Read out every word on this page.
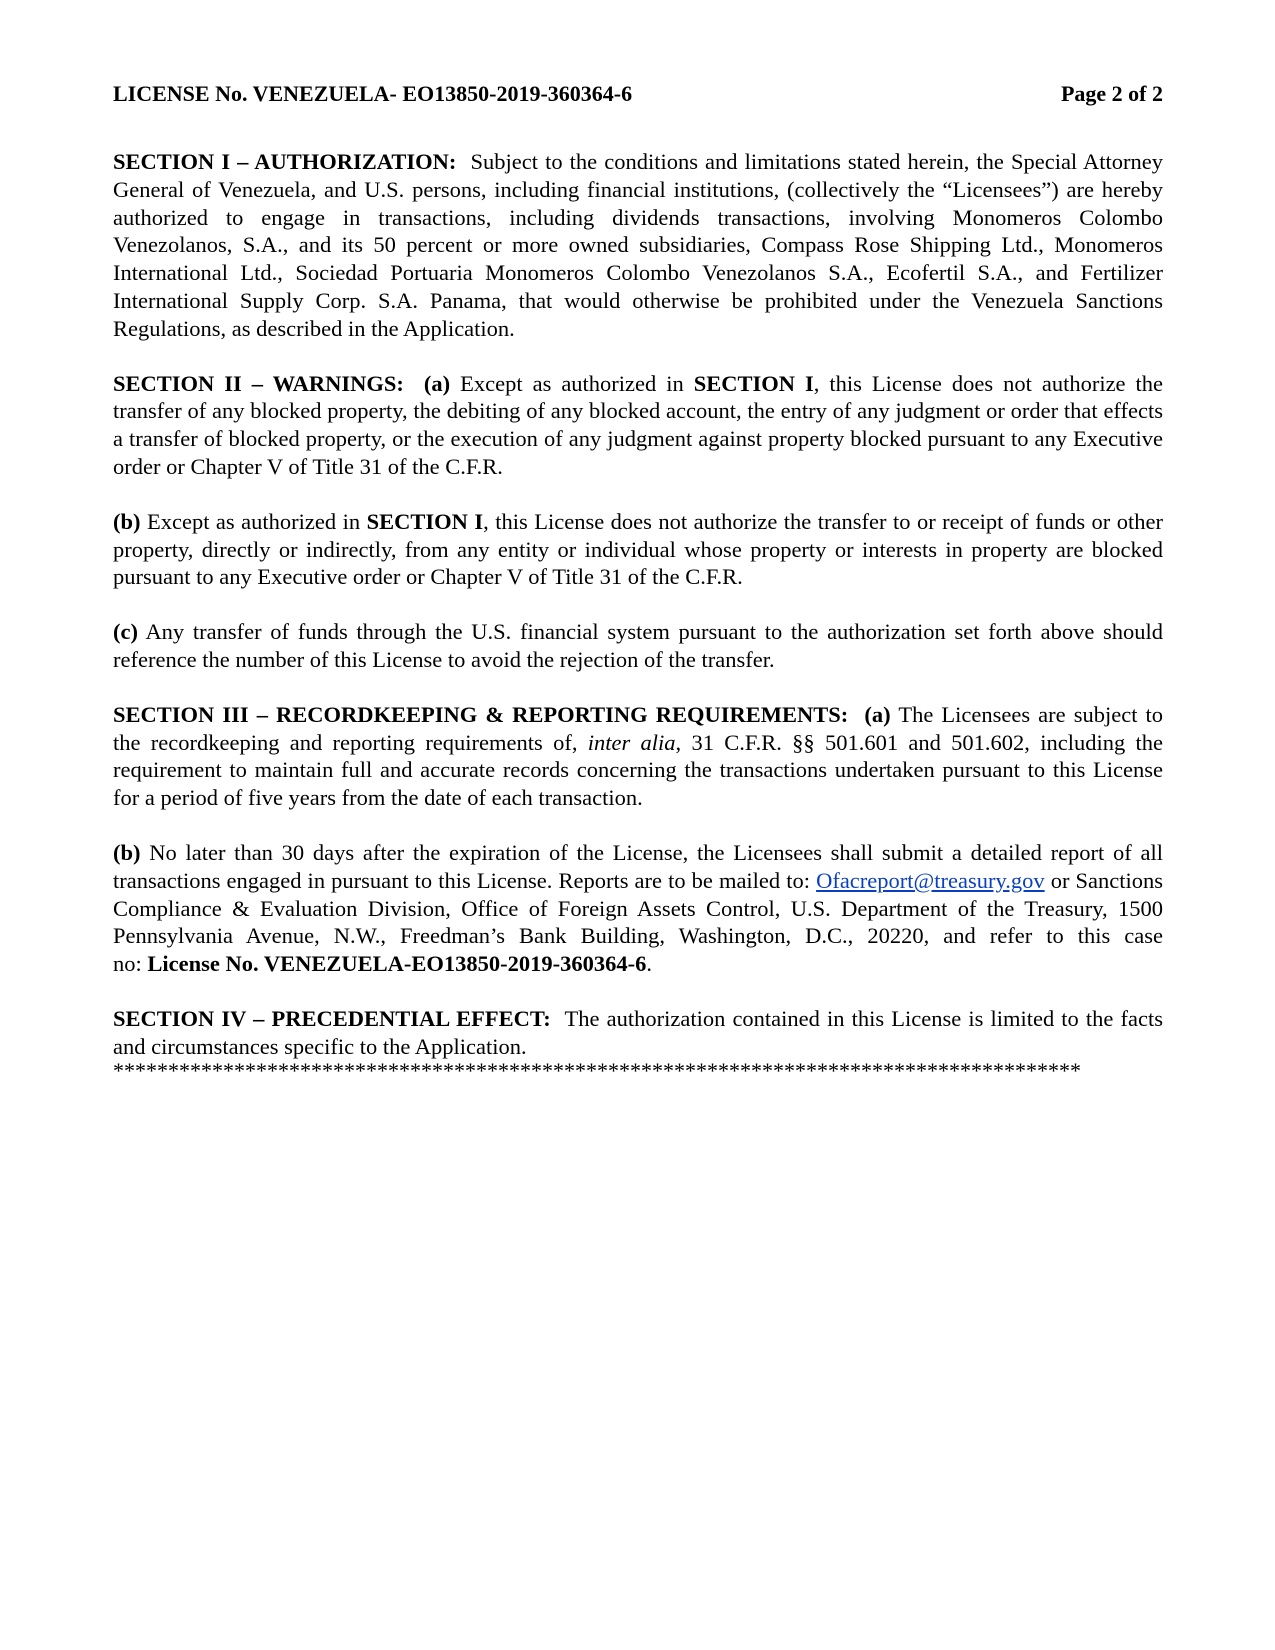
LICENSE No. VENEZUELA- EO13850-2019-360364-6	Page 2 of 2

SECTION I – AUTHORIZATION: Subject to the conditions and limitations stated herein, the Special Attorney General of Venezuela, and U.S. persons, including financial institutions, (collectively the “Licensees”) are hereby authorized to engage in transactions, including dividends transactions, involving Monomeros Colombo Venezolanos, S.A., and its 50 percent or more owned subsidiaries, Compass Rose Shipping Ltd., Monomeros International Ltd., Sociedad Portuaria Monomeros Colombo Venezolanos S.A., Ecofertil S.A., and Fertilizer International Supply Corp. S.A. Panama, that would otherwise be prohibited under the Venezuela Sanctions Regulations, as described in the Application.

SECTION II – WARNINGS: (a) Except as authorized in SECTION I, this License does not authorize the transfer of any blocked property, the debiting of any blocked account, the entry of any judgment or order that effects a transfer of blocked property, or the execution of any judgment against property blocked pursuant to any Executive order or Chapter V of Title 31 of the C.F.R.

(b) Except as authorized in SECTION I, this License does not authorize the transfer to or receipt of funds or other property, directly or indirectly, from any entity or individual whose property or interests in property are blocked pursuant to any Executive order or Chapter V of Title 31 of the C.F.R.

(c) Any transfer of funds through the U.S. financial system pursuant to the authorization set forth above should reference the number of this License to avoid the rejection of the transfer.

SECTION III – RECORDKEEPING & REPORTING REQUIREMENTS: (a) The Licensees are subject to the recordkeeping and reporting requirements of, inter alia, 31 C.F.R. §§ 501.601 and 501.602, including the requirement to maintain full and accurate records concerning the transactions undertaken pursuant to this License for a period of five years from the date of each transaction.

(b) No later than 30 days after the expiration of the License, the Licensees shall submit a detailed report of all transactions engaged in pursuant to this License. Reports are to be mailed to: Ofacreport@treasury.gov or Sanctions Compliance & Evaluation Division, Office of Foreign Assets Control, U.S. Department of the Treasury, 1500 Pennsylvania Avenue, N.W., Freedman’s Bank Building, Washington, D.C., 20220, and refer to this case no: License No. VENEZUELA-EO13850-2019-360364-6.

SECTION IV – PRECEDENTIAL EFFECT: The authorization contained in this License is limited to the facts and circumstances specific to the Application.

****************************************************************************************
